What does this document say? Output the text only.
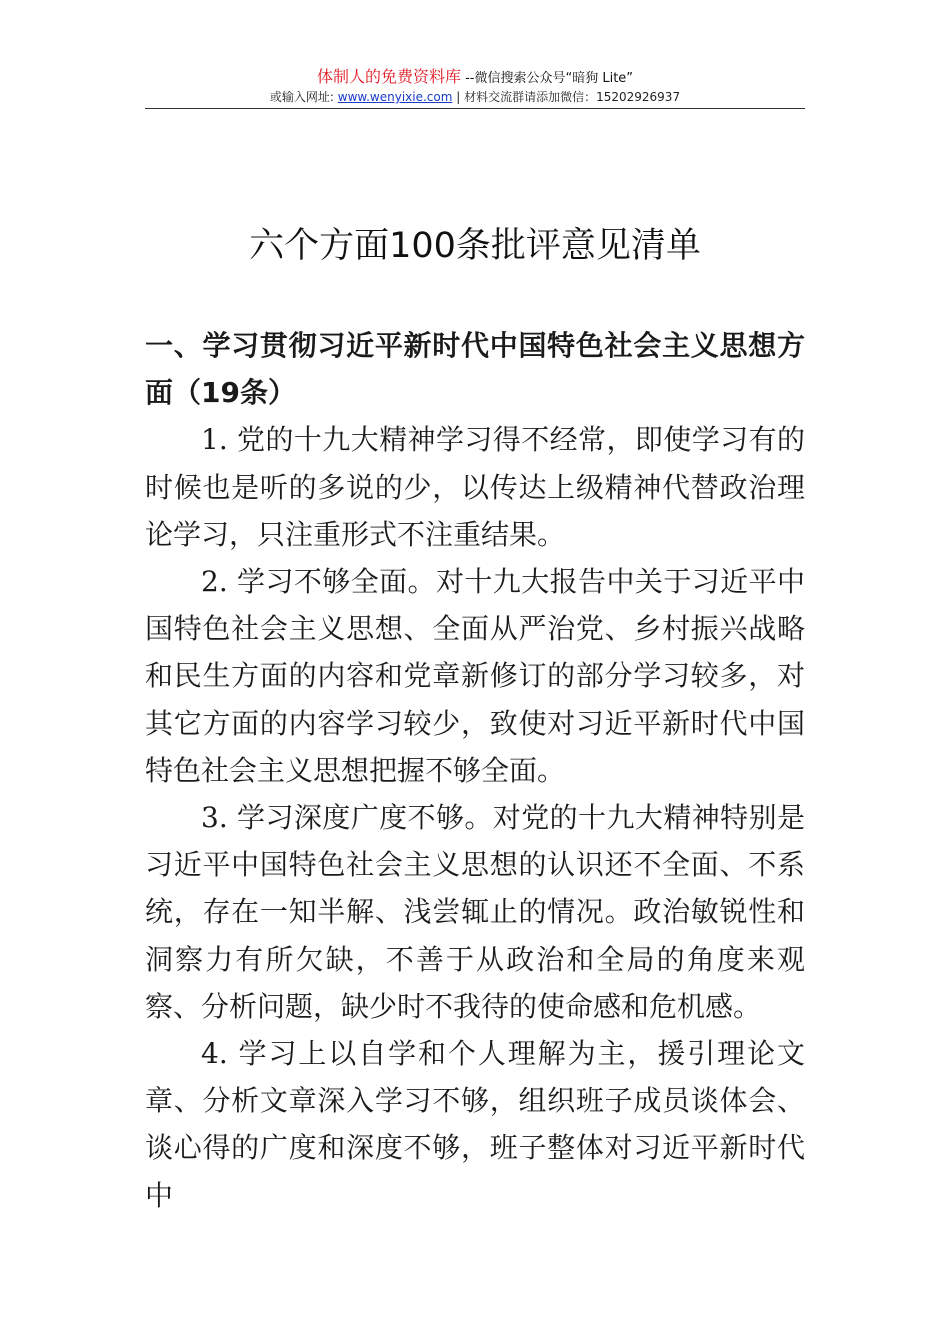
体制人的免费资料库 --微信搜索公众号“暗狗 Lite”
或输入网址: www.wenyixie.com | 材料交流群请添加微信：15202926937
六个方面100条批评意见清单

一、学习贯彻习近平新时代中国特色社会主义思想方面（19条）

1. 党的十九大精神学习得不经常，即使学习有的时候也是听的多说的少，以传达上级精神代替政治理论学习，只注重形式不注重结果。

2. 学习不够全面。对十九大报告中关于习近平中国特色社会主义思想、全面从严治党、乡村振兴战略和民生方面的内容和党章新修订的部分学习较多，对其它方面的内容学习较少，致使对习近平新时代中国特色社会主义思想把握不够全面。

3. 学习深度广度不够。对党的十九大精神特别是习近平中国特色社会主义思想的认识还不全面、不系统，存在一知半解、浅尝辄止的情况。政治敏锐性和洞察力有所欠缺，不善于从政治和全局的角度来观察、分析问题，缺少时不我待的使命感和危机感。

4. 学习上以自学和个人理解为主，援引理论文章、分析文章深入学习不够，组织班子成员谈体会、谈心得的广度和深度不够，班子整体对习近平新时代中
